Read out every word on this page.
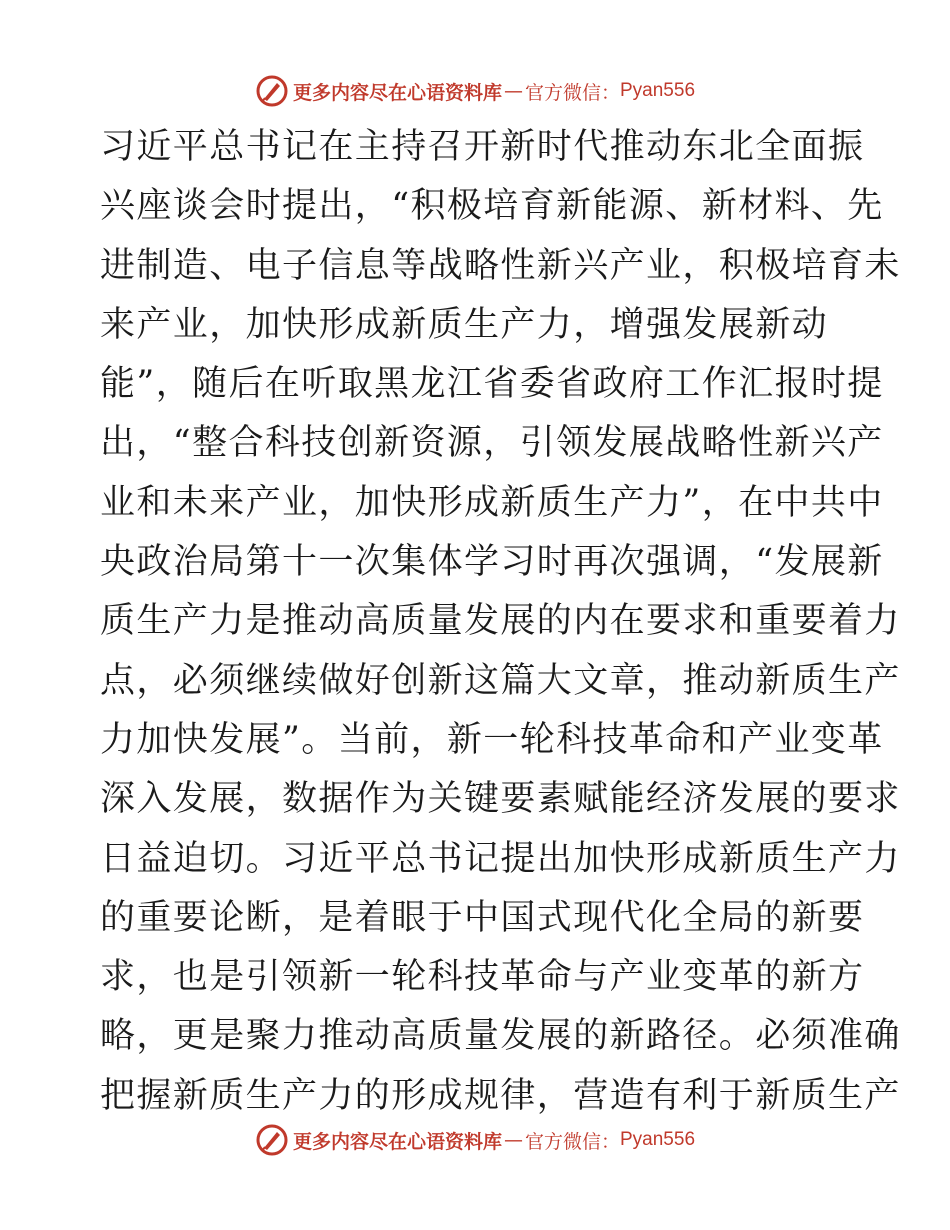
更多内容尽在心语资料库 — 官方微信： Pyan556
习近平总书记在主持召开新时代推动东北全面振
兴座谈会时提出，“积极培育新能源、新材料、先
进制造、电子信息等战略性新兴产业，积极培育未
来产业，加快形成新质生产力，增强发展新动
能”，随后在听取黑龙江省委省政府工作汇报时提
出，“整合科技创新资源，引领发展战略性新兴产
业和未来产业，加快形成新质生产力”，在中共中
央政治局第十一次集体学习时再次强调，“发展新
质生产力是推动高质量发展的内在要求和重要着力
点，必须继续做好创新这篇大文章，推动新质生产
力加快发展”。当前，新一轮科技革命和产业变革
深入发展，数据作为关键要素赋能经济发展的要求
日益迫切。习近平总书记提出加快形成新质生产力
的重要论断，是着眼于中国式现代化全局的新要
求，也是引领新一轮科技革命与产业变革的新方
略，更是聚力推动高质量发展的新路径。必须准确
把握新质生产力的形成规律，营造有利于新质生产
更多内容尽在心语资料库 — 官方微信： Pyan556
